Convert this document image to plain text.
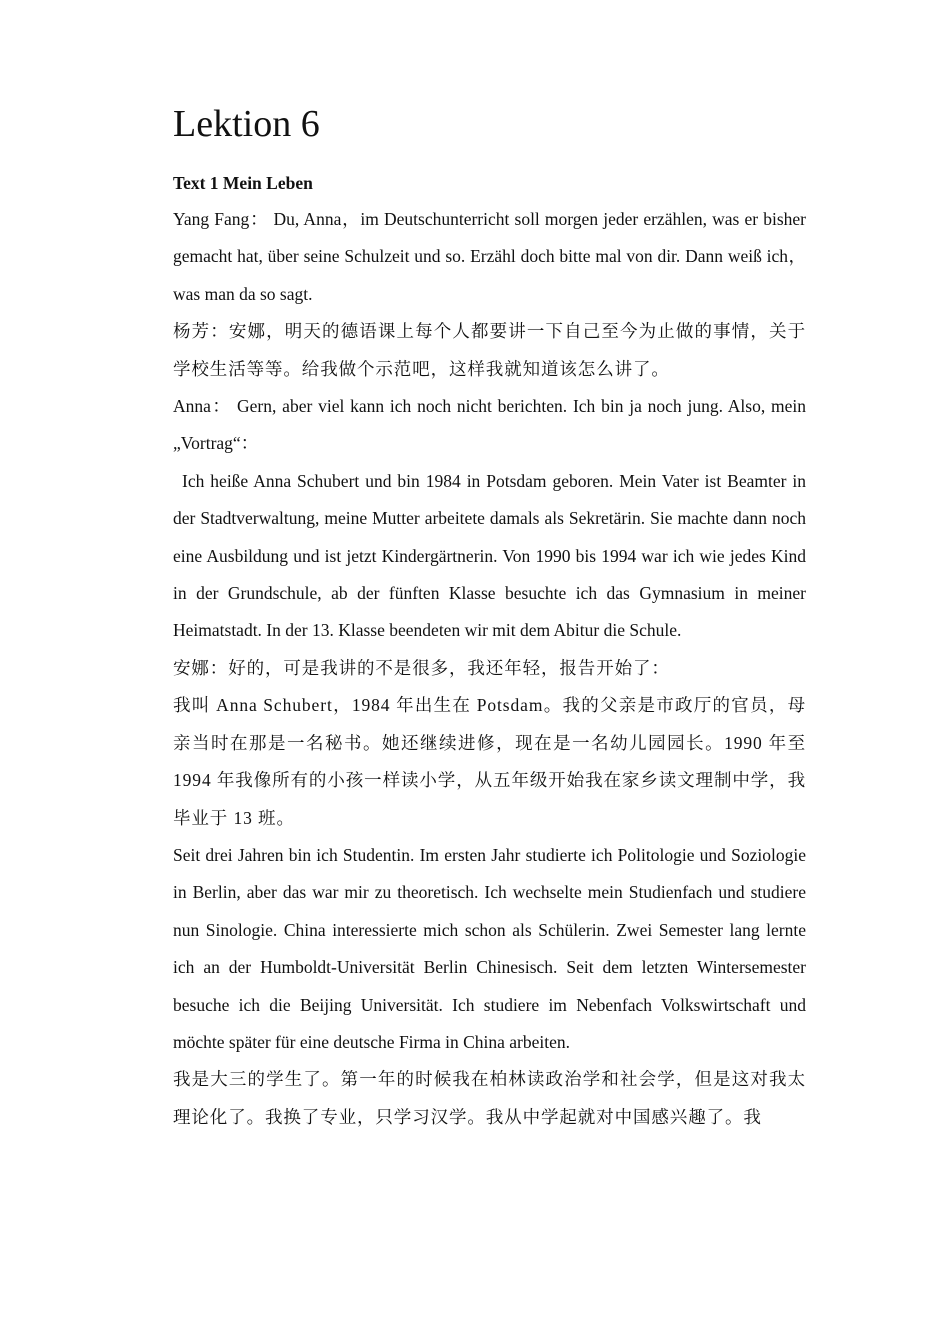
Lektion 6
Text 1 Mein Leben

Yang Fang： Du, Anna，im Deutschunterricht soll morgen jeder erzählen, was er bisher gemacht hat, über seine Schulzeit und so. Erzähl doch bitte mal von dir. Dann weiß ich，was man da so sagt.

杨芳：安娜，明天的德语课上每个人都要讲一下自己至今为止做的事情，关于学校生活等等。给我做个示范吧，这样我就知道该怎么讲了。

Anna： Gern, aber viel kann ich noch nicht berichten. Ich bin ja noch jung. Also, mein „Vortrag“：

Ich heiße Anna Schubert und bin 1984 in Potsdam geboren. Mein Vater ist Beamter in der Stadtverwaltung, meine Mutter arbeitete damals als Sekretärin. Sie machte dann noch eine Ausbildung und ist jetzt Kindergärtnerin. Von 1990 bis 1994 war ich wie jedes Kind in der Grundschule, ab der fünften Klasse besuchte ich das Gymnasium in meiner Heimatstadt. In der 13. Klasse beendeten wir mit dem Abitur die Schule.

安娜：好的，可是我讲的不是很多，我还年轻，报告开始了：

我叫 Anna Schubert，1984 年出生在 Potsdam。我的父亲是市政厅的官员，母亲当时在那是一名秘书。她还继续进修，现在是一名幼儿园园长。1990 年至 1994 年我像所有的小孩一样读小学，从五年级开始我在家乡读文理制中学，我毕业于 13 班。

Seit drei Jahren bin ich Studentin. Im ersten Jahr studierte ich Politologie und Soziologie in Berlin, aber das war mir zu theoretisch. Ich wechselte mein Studienfach und studiere nun Sinologie. China interessierte mich schon als Schülerin. Zwei Semester lang lernte ich an der Humboldt-Universität Berlin Chinesisch. Seit dem letzten Wintersemester besuche ich die Beijing Universität. Ich studiere im Nebenfach Volkswirtschaft und möchte später für eine deutsche Firma in China arbeiten.

我是大三的学生了。第一年的时候我在柏林读政治学和社会学，但是这对我太理论化了。我换了专业，只学习汉学。我从中学起就对中国感兴趣了。我
